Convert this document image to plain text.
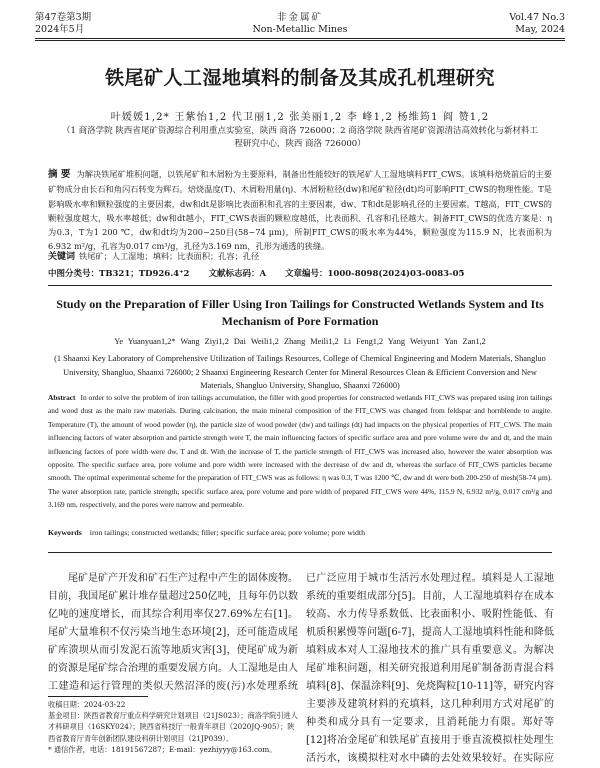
第47卷第3期
2024年5月
非金属矿
Non-Metallic Mines
Vol.47 No.3
May, 2024
铁尾矿人工湿地填料的制备及其成孔机理研究
叶媛媛1,2* 王紫怡1,2 代卫丽1,2 张美丽1,2 李 峰1,2 杨维筠1 阎 赞1,2
（1 商洛学院 陕西省尾矿资源综合利用重点实验室，陕西 商洛 726000；2 商洛学院 陕西省尾矿资源清洁高效转化与新材料工程研究中心，陕西 商洛 726000）
摘 要 为解决铁尾矿堆积问题，以铁尾矿和木屑粉为主要原料，制备出性能较好的铁尾矿人工湿地填料FIT_CWS。该填料焙烧前后的主要矿物成分由长石和角闪石转变为辉石。焙烧温度(T)、木屑粉用量(η)、木屑粉粒径(dw)和尾矿粒径(dt)均可影响FIT_CWS的物理性能。T是影响吸水率和颗粒强度的主要因素，dw和dt是影响比表面积和孔容的主要因素，dw、T和dt是影响孔径的主要因素。T越高，FIT_CWS的颗粒强度越大，吸水率越低；dw和dt越小，FIT_CWS表面的颗粒度越低，比表面积、孔容和孔径越大。制备FIT_CWS的优选方案是：η为0.3，T为1 200 ℃，dw和dt均为200~250目(58~74 μm)，所制FIT_CWS的吸水率为44%，颗粒强度为115.9 N，比表面积为6.932 m²/g，孔容为0.017 cm³/g，孔径为3.169 nm，孔形为通透的狭缝。
关键词 铁尾矿；人工湿地；填料；比表面积；孔容；孔径
中图分类号：TB321；TD926.4⁺2 文献标志码：A 文章编号：1000-8098(2024)03-0083-05
Study on the Preparation of Filler Using Iron Tailings for Constructed Wetlands System and Its Mechanism of Pore Formation
Ye Yuanyuan1,2* Wang Ziyi1,2 Dai Weili1,2 Zhang Meili1,2 Li Feng1,2 Yang Weiyun1 Yan Zan1,2
(1 Shaanxi Key Laboratory of Comprehensive Utilization of Tailings Resources, College of Chemical Engineering and Modern Materials, Shangluo University, Shangluo, Shaanxi 726000; 2 Shaanxi Engineering Research Center for Mineral Resources Clean & Efficient Conversion and New Materials, Shangluo University, Shangluo, Shaanxi 726000)
Abstract In order to solve the problem of iron tailings accumulation, the filler with good properties for constructed wetlands FIT_CWS was prepared using iron tailings and wood dust as the main raw materials. During calcination, the main mineral composition of the FIT_CWS was changed from feldspar and hornblende to augite. Temperature (T), the amount of wood powder (η), the particle size of wood powder (dw) and tailings (dt) had impacts on the physical properties of FIT_CWS. The main influencing factors of water absorption and particle strength were T, the main influencing factors of specific surface area and pore volume were dw and dt, and the main influencing factors of pore width were dw, T and dt. With the increase of T, the particle strength of FIT_CWS was increased also, however the water absorption was opposite. The specific surface area, pore volume and pore width were increased with the decrease of dw and dt, whereas the surface of FIT_CWS particles became smooth. The optimal experimental scheme for the preparation of FIT_CWS was as follows: η was 0.3, T was 1200 ℃, dw and dt were both 200-250 of mesh(58-74 μm). The water absorption rate, particle strength, specific surface area, pore volume and pore width of prepared FIT_CWS were 44%, 115.9 N, 6.932 m²/g, 0.017 cm³/g and 3.169 nm, respectively, and the pores were narrow and permeable.
Keywords iron tailings; constructed wetlands; filler; specific surface area; pore volume; pore width

尾矿是矿产开发和矿石生产过程中产生的固体废物。目前，我国尾矿累计堆存量超过250亿吨，且每年仍以数亿吨的速度增长，而其综合利用率仅27.69%左右[1]。尾矿大量堆积不仅污染当地生态环境[2]，还可能造成尾矿库溃坝从而引发泥石流等地质灾害[3]，使尾矿成为新的资源是尾矿综合治理的重要发展方向。人工湿地是由人工建造和运行管理的类似天然沼泽的废(污)水处理系统

已广泛应用于城市生活污水处理过程。填料是人工湿地系统的重要组成部分[5]。目前，人工湿地填料存在成本较高、水力传导系数低、比表面积小、吸附性能低、有机质积累慢等问题[6-7]，提高人工湿地填料性能和降低填料成本对人工湿地技术的推广具有重要意义。为解决尾矿堆积问题，相关研究报道利用尾矿制备沥青混合料填料[8]、保温涂料[9]、免烧陶粒[10-11]等，研究内容主要涉及建筑材料的充填料，这几种利用方式对尾矿的种类和成分具有一定要求，且消耗能力有限。郑好等[12]将冶金尾矿和铁尾矿直接用于垂直流模拟柱处理生活污水，该模拟柱对水中磷的去处效果较好。在实际应

收稿日期：2024-03-22
基金项目：陕西省教育厅重点科学研究计划项目（21JS023）；商洛学院引进人才科研项目（16SKY024）；陕西省科技厅一般青年项目（2020JQ-905）；陕西省教育厅青年创新团队建设科研计划项目（21JP039）。
* 通信作者，电话：18191567287；E-mail：yezhiyyy@163.com。
